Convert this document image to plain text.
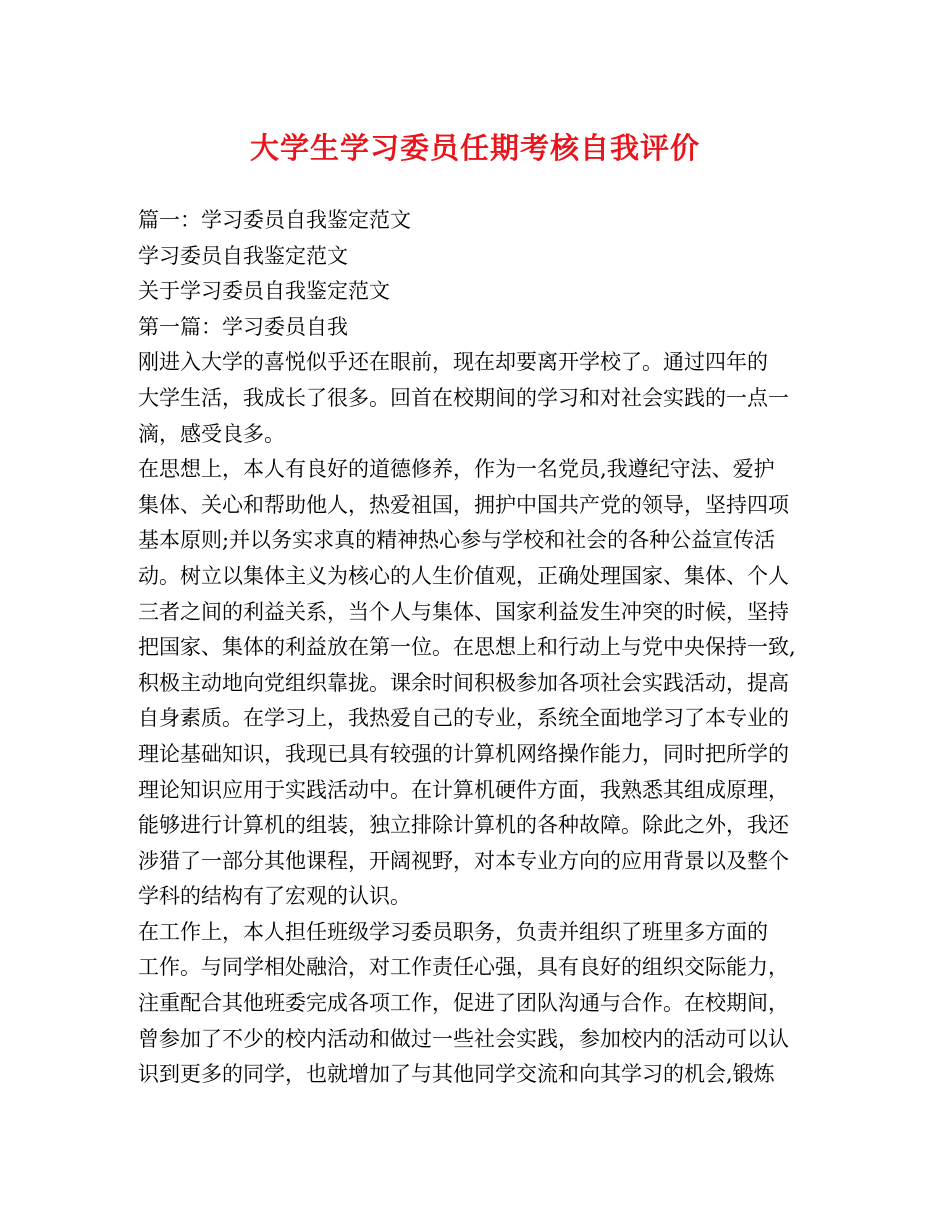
大学生学习委员任期考核自我评价
篇一：学习委员自我鉴定范文
学习委员自我鉴定范文
关于学习委员自我鉴定范文
第一篇：学习委员自我
刚进入大学的喜悦似乎还在眼前，现在却要离开学校了。通过四年的
大学生活，我成长了很多。回首在校期间的学习和对社会实践的一点一
滴，感受良多。
在思想上，本人有良好的道德修养，作为一名党员,我遵纪守法、爱护
集体、关心和帮助他人，热爱祖国，拥护中国共产党的领导，坚持四项
基本原则;并以务实求真的精神热心参与学校和社会的各种公益宣传活
动。树立以集体主义为核心的人生价值观，正确处理国家、集体、个人
三者之间的利益关系，当个人与集体、国家利益发生冲突的时候，坚持
把国家、集体的利益放在第一位。在思想上和行动上与党中央保持一致,
积极主动地向党组织靠拢。课余时间积极参加各项社会实践活动，提高
自身素质。在学习上，我热爱自己的专业，系统全面地学习了本专业的
理论基础知识，我现已具有较强的计算机网络操作能力，同时把所学的
理论知识应用于实践活动中。在计算机硬件方面，我熟悉其组成原理，
能够进行计算机的组装，独立排除计算机的各种故障。除此之外，我还
涉猎了一部分其他课程，开阔视野，对本专业方向的应用背景以及整个
学科的结构有了宏观的认识。
在工作上，本人担任班级学习委员职务，负责并组织了班里多方面的
工作。与同学相处融洽，对工作责任心强，具有良好的组织交际能力，
注重配合其他班委完成各项工作，促进了团队沟通与合作。在校期间，
曾参加了不少的校内活动和做过一些社会实践，参加校内的活动可以认
识到更多的同学，也就增加了与其他同学交流和向其学习的机会,锻炼
